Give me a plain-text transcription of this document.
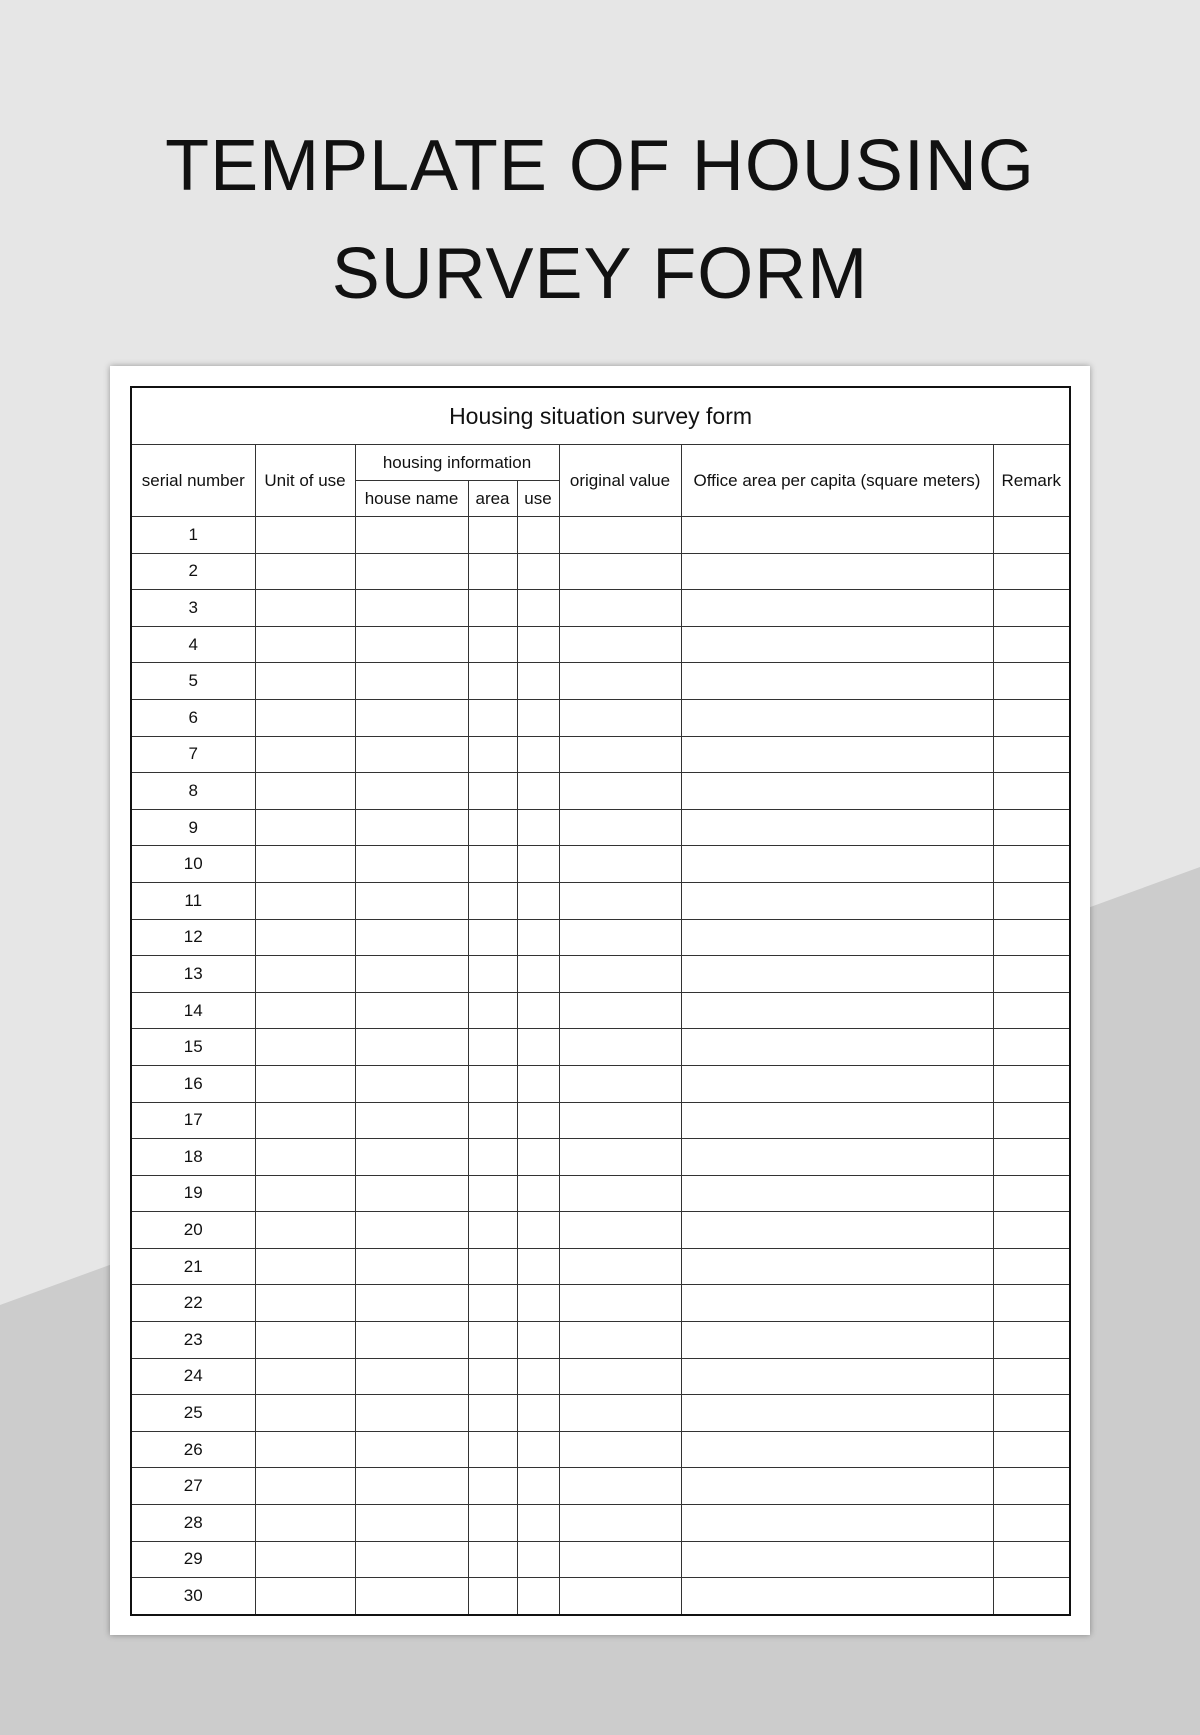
TEMPLATE OF HOUSING
SURVEY FORM
Housing situation survey form							
serial number	Unit of use	housing information			original value	Office area per capita (square meters)	Remark
		house name	area	use			
1							
2							
3							
4							
5							
6							
7							
8							
9							
10							
11							
12							
13							
14							
15							
16							
17							
18							
19							
20							
21							
22							
23							
24							
25							
26							
27							
28							
29							
30							
